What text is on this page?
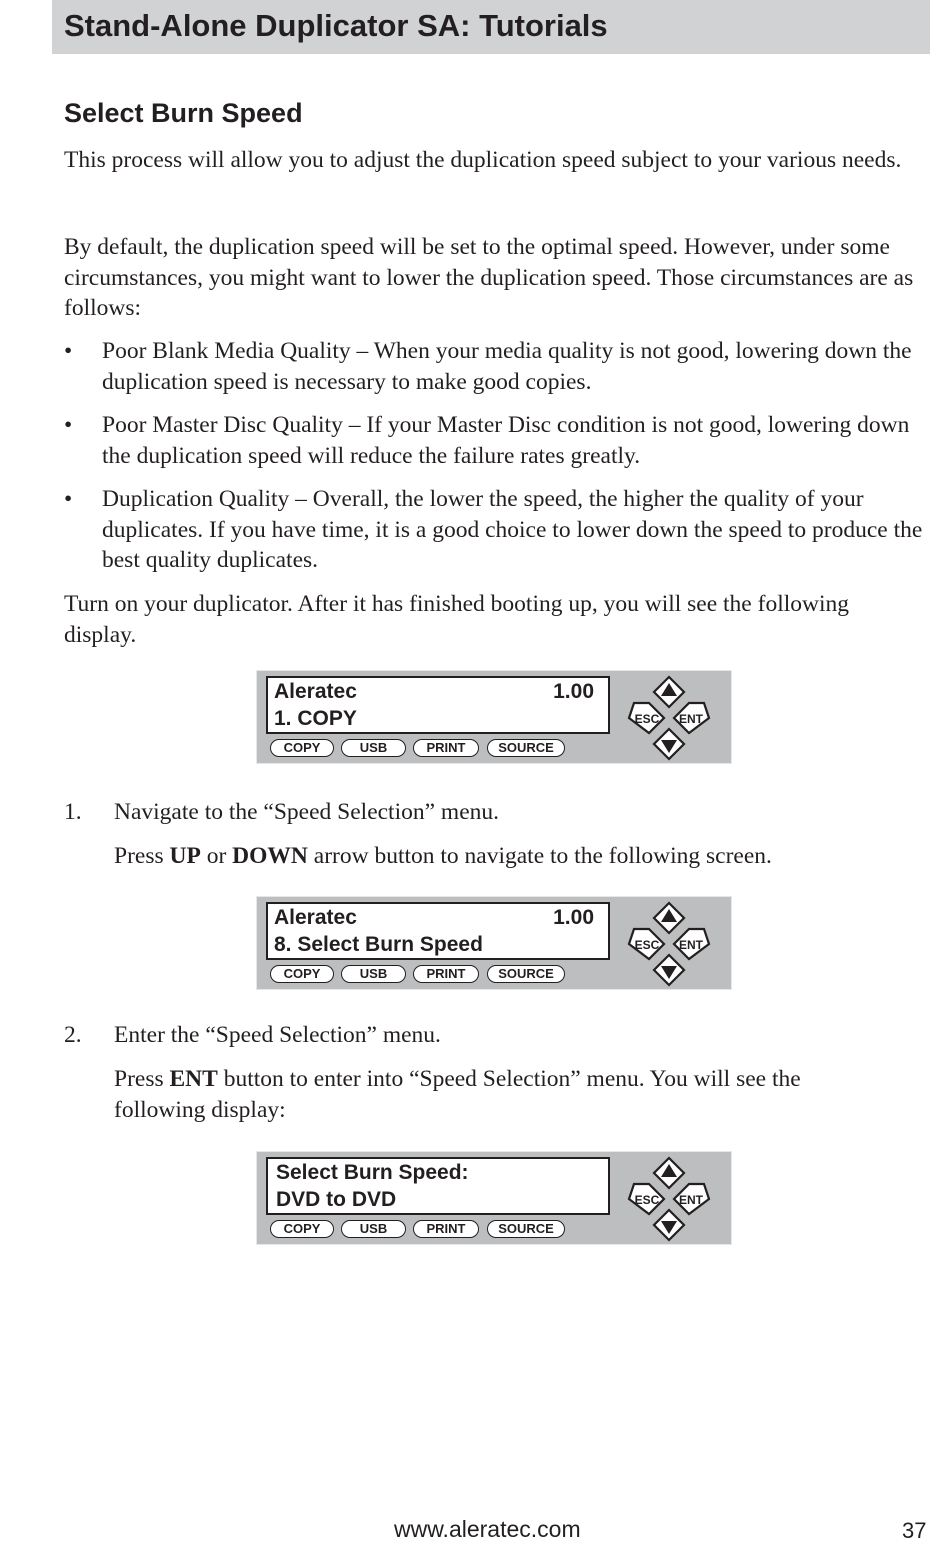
Stand-Alone Duplicator SA: Tutorials
Select Burn Speed
This process will allow you to adjust the duplication speed subject to your various needs.
By default, the duplication speed will be set to the optimal speed. However, under some circumstances, you might want to lower the duplication speed. Those circumstances are as follows:
• Poor Blank Media Quality – When your media quality is not good, lowering down the duplication speed is necessary to make good copies.
• Poor Master Disc Quality – If your Master Disc condition is not good, lowering down the duplication speed will reduce the failure rates greatly.
• Duplication Quality – Overall, the lower the speed, the higher the quality of your duplicates. If you have time, it is a good choice to lower down the speed to produce the best quality duplicates.
Turn on your duplicator. After it has finished booting up, you will see the following display.
Aleratec	1.00
1. COPY
COPY	USB	PRINT	SOURCE
ESC ENT
1. Navigate to the “Speed Selection” menu.
Press UP or DOWN arrow button to navigate to the following screen.
Aleratec	1.00
8. Select Burn Speed
COPY	USB	PRINT	SOURCE
ESC ENT
2. Enter the “Speed Selection” menu.
Press ENT button to enter into “Speed Selection” menu. You will see the following display:
Select Burn Speed:
DVD to DVD
COPY	USB	PRINT	SOURCE
ESC ENT
www.aleratec.com	37
